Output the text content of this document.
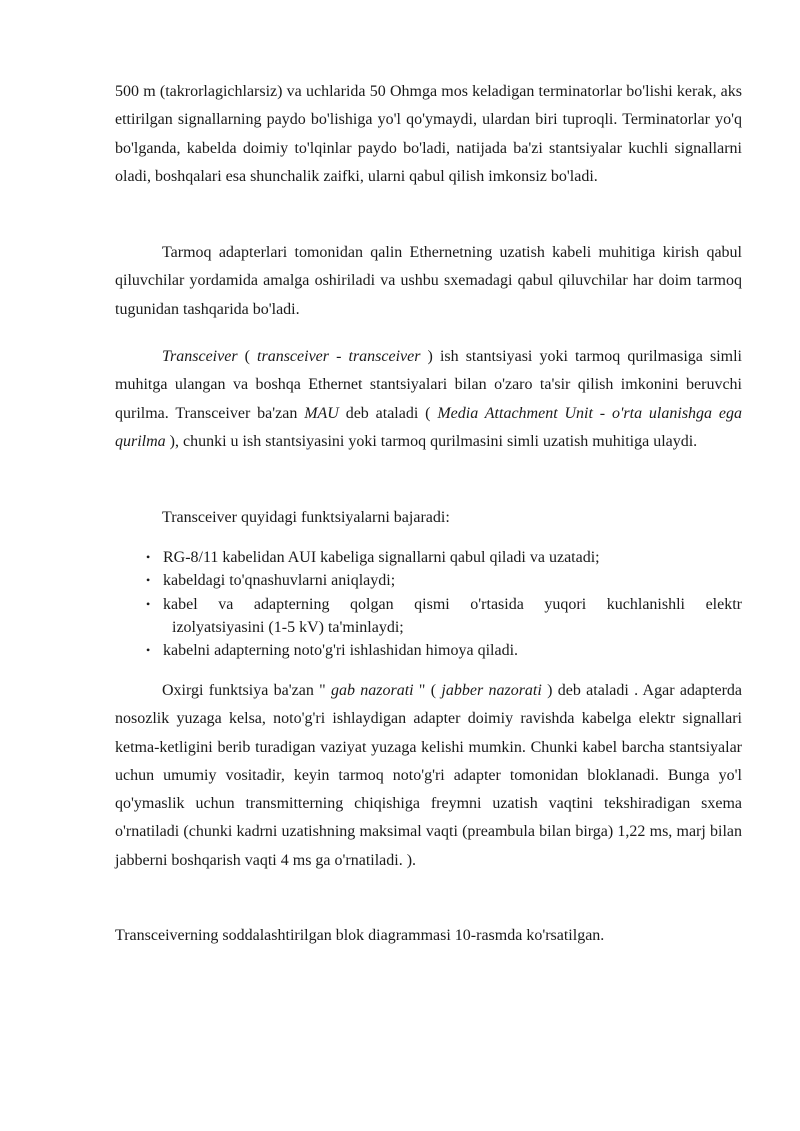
500 m (takrorlagichlarsiz) va uchlarida 50 Ohmga mos keladigan terminatorlar bo'lishi kerak, aks ettirilgan signallarning paydo bo'lishiga yo'l qo'ymaydi, ulardan biri tuproqli. Terminatorlar yo'q bo'lganda, kabelda doimiy to'lqinlar paydo bo'ladi, natijada ba'zi stantsiyalar kuchli signallarni oladi, boshqalari esa shunchalik zaifki, ularni qabul qilish imkonsiz bo'ladi.

Tarmoq adapterlari tomonidan qalin Ethernetning uzatish kabeli muhitiga kirish qabul qiluvchilar yordamida amalga oshiriladi va ushbu sxemadagi qabul qiluvchilar har doim tarmoq tugunidan tashqarida bo'ladi.

Transceiver ( transceiver - transceiver ) ish stantsiyasi yoki tarmoq qurilmasiga simli muhitga ulangan va boshqa Ethernet stantsiyalari bilan o'zaro ta'sir qilish imkonini beruvchi qurilma. Transceiver ba'zan MAU deb ataladi ( Media Attachment Unit - o'rta ulanishga ega qurilma ), chunki u ish stantsiyasini yoki tarmoq qurilmasini simli uzatish muhitiga ulaydi.

Transceiver quyidagi funktsiyalarni bajaradi:

• RG-8/11 kabelidan AUI kabeliga signallarni qabul qiladi va uzatadi;
• kabeldagi to'qnashuvlarni aniqlaydi;
• kabel va adapterning qolgan qismi o'rtasida yuqori kuchlanishli elektr
izolyatsiyasini (1-5 kV) ta'minlaydi;
• kabelni adapterning noto'g'ri ishlashidan himoya qiladi.

Oxirgi funktsiya ba'zan " gab nazorati " ( jabber nazorati ) deb ataladi . Agar adapterda nosozlik yuzaga kelsa, noto'g'ri ishlaydigan adapter doimiy ravishda kabelga elektr signallari ketma-ketligini berib turadigan vaziyat yuzaga kelishi mumkin. Chunki kabel barcha stantsiyalar uchun umumiy vositadir, keyin tarmoq noto'g'ri adapter tomonidan bloklanadi. Bunga yo'l qo'ymaslik uchun transmitterning chiqishiga freymni uzatish vaqtini tekshiradigan sxema o'rnatiladi (chunki kadrni uzatishning maksimal vaqti (preambula bilan birga) 1,22 ms, marj bilan jabberni boshqarish vaqti 4 ms ga o'rnatiladi. ).

Transceiverning soddalashtirilgan blok diagrammasi 10-rasmda ko'rsatilgan.
